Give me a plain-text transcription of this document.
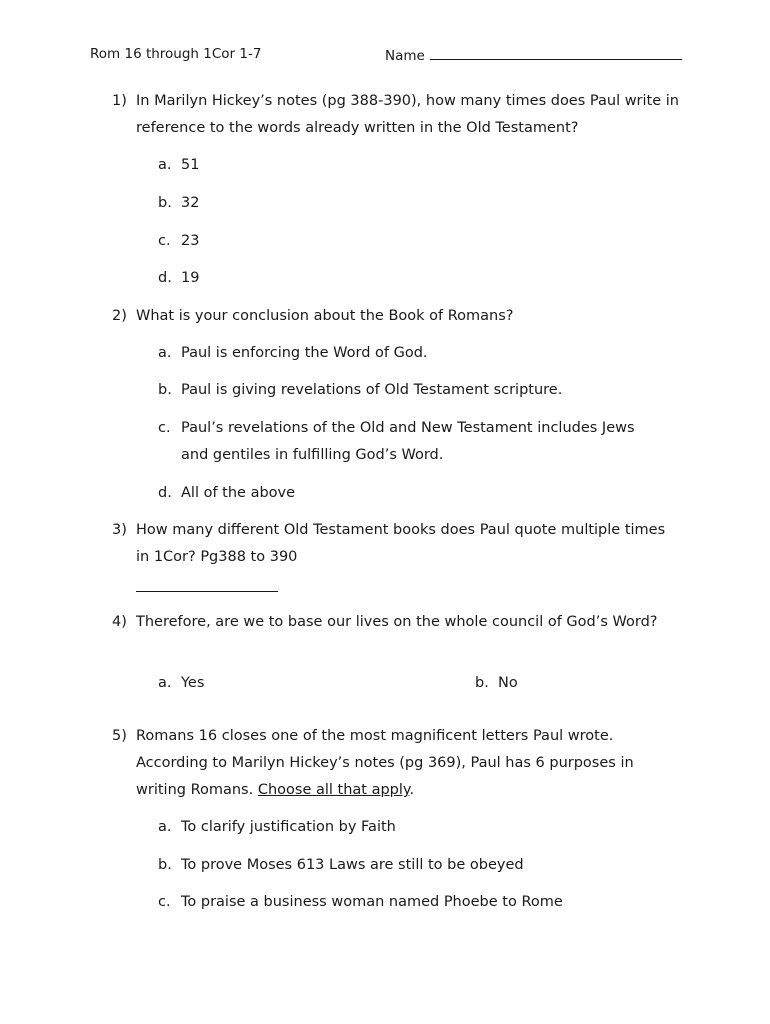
Rom 16 through 1Cor 1-7	Name
1) In Marilyn Hickey’s notes (pg 388-390), how many times does Paul write in reference to the words already written in the Old Testament?
a. 51
b. 32
c. 23
d. 19
2) What is your conclusion about the Book of Romans?
a. Paul is enforcing the Word of God.
b. Paul is giving revelations of Old Testament scripture.
c. Paul’s revelations of the Old and New Testament includes Jews and gentiles in fulfilling God’s Word.
d. All of the above
3) How many different Old Testament books does Paul quote multiple times in 1Cor? Pg388 to 390
4) Therefore, are we to base our lives on the whole council of God’s Word?
a. Yes	b. No
5) Romans 16 closes one of the most magnificent letters Paul wrote. According to Marilyn Hickey’s notes (pg 369), Paul has 6 purposes in writing Romans. Choose all that apply.
a. To clarify justification by Faith
b. To prove Moses 613 Laws are still to be obeyed
c. To praise a business woman named Phoebe to Rome
